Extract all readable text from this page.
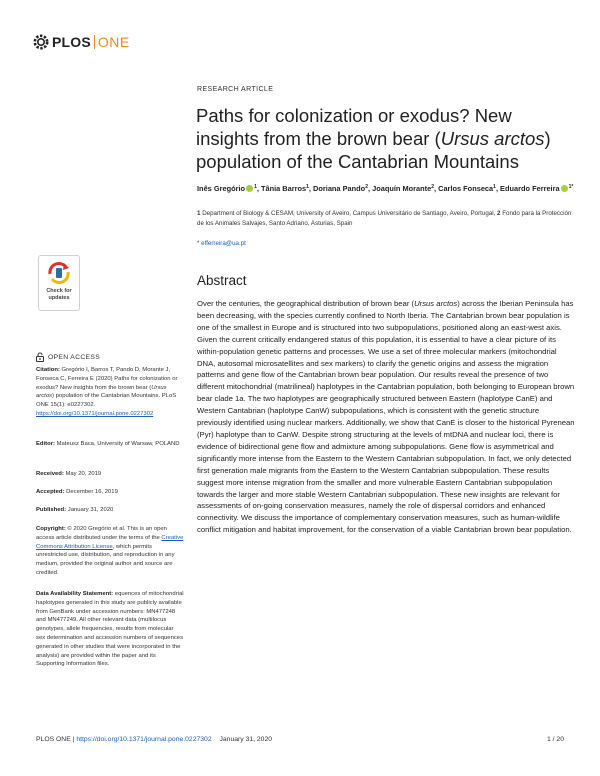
PLOS ONE
RESEARCH ARTICLE
Paths for colonization or exodus? New insights from the brown bear (Ursus arctos) population of the Cantabrian Mountains
Inês Gregório $^1$, Tânia Barros$^1$, Doriana Pando$^2$, Joaquín Morante$^2$, Carlos Fonseca$^1$, Eduardo Ferreira $^{1*}$
1 Department of Biology & CESAM, University of Aveiro, Campus Universitário de Santiago, Aveiro, Portugal, 2 Fondo para la Protección de los Animales Salvajes, Santo Adriano, Asturias, Spain
* efferreira@ua.pt
Abstract

Over the centuries, the geographical distribution of brown bear (Ursus arctos) across the Iberian Peninsula has been decreasing, with the species currently confined to North Iberia. The Cantabrian brown bear population is one of the smallest in Europe and is structured into two subpopulations, positioned along an east-west axis. Given the current critically endangered status of this population, it is essential to have a clear picture of its within-population genetic patterns and processes. We use a set of three molecular markers (mitochondrial DNA, autosomal microsatellites and sex markers) to clarify the genetic origins and assess the migration patterns and gene flow of the Cantabrian brown bear population. Our results reveal the presence of two different mitochondrial (matrilineal) haplotypes in the Cantabrian population, both belonging to European brown bear clade 1a. The two haplotypes are geographically structured between Eastern (haplotype CanE) and Western Cantabrian (haplotype CanW) subpopulations, which is consistent with the genetic structure previously identified using nuclear markers. Additionally, we show that CanE is closer to the historical Pyrenean (Pyr) haplotype than to CanW. Despite strong structuring at the levels of mtDNA and nuclear loci, there is evidence of bidirectional gene flow and admixture among subpopulations. Gene flow is asymmetrical and significantly more intense from the Eastern to the Western Cantabrian subpopulation. In fact, we only detected first generation male migrants from the Eastern to the Western Cantabrian subpopulation. These results suggest more intense migration from the smaller and more vulnerable Eastern Cantabrian subpopulation towards the larger and more stable Western Cantabrian subpopulation. These new insights are relevant for assessments of on-going conservation measures, namely the role of dispersal corridors and enhanced connectivity. We discuss the importance of complementary conservation measures, such as human-wildlife conflict mitigation and habitat improvement, for the conservation of a viable Cantabrian brown bear population.

Check for updates
OPEN ACCESS
Citation: Gregório I, Barros T, Pando D, Morante J, Fonseca C, Ferreira E (2020) Paths for colonization or exodus? New insights from the brown bear (Ursus arctos) population of the Cantabrian Mountains. PLoS ONE 15(1): e0227302. https://doi.org/10.1371/journal.pone.0227302
Editor: Mateusz Baca, University of Warsaw, POLAND
Received: May 20, 2019
Accepted: December 16, 2019
Published: January 31, 2020
Copyright: © 2020 Gregório et al. This is an open access article distributed under the terms of the Creative Commons Attribution License, which permits unrestricted use, distribution, and reproduction in any medium, provided the original author and source are credited.
Data Availability Statement: equences of mitochondrial haplotypes generated in this study are publicly available from GenBank under accession numbers: MN477248 and MN477249. All other relevant data (multilocus genotypes, allele frequencies, results from molecular sex determination and accession numbers of sequences generated in other studies that were incorporated in the analysis) are provided within the paper and its Supporting Information files.
PLOS ONE | https://doi.org/10.1371/journal.pone.0227302 January 31, 2020	1 / 20
